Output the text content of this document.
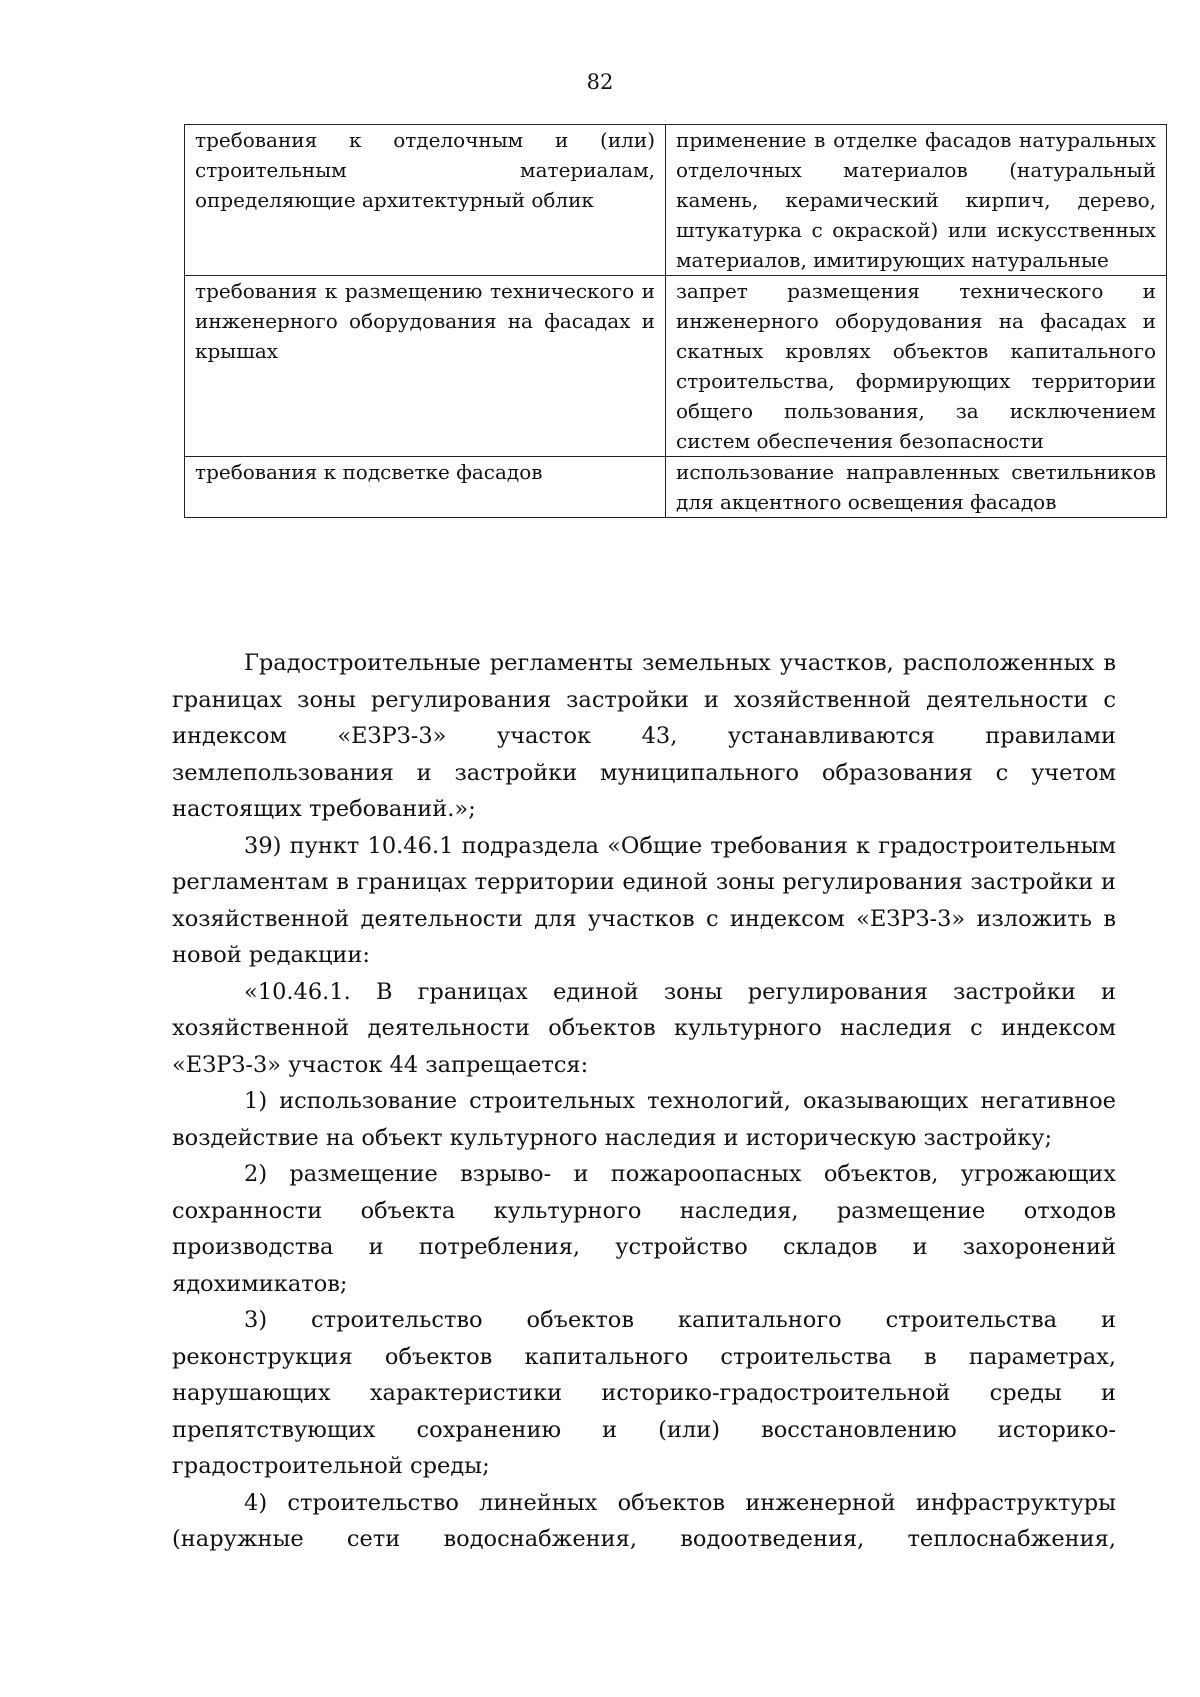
82
требования к отделочным и (или) строительным материалам, определяющие архитектурный облик	применение в отделке фасадов натуральных отделочных материалов (натуральный камень, керамический кирпич, дерево, штукатурка с окраской) или искусственных материалов, имитирующих натуральные
требования к размещению технического и инженерного оборудования на фасадах и крышах	запрет размещения технического и инженерного оборудования на фасадах и скатных кровлях объектов капитального строительства, формирующих территории общего пользования, за исключением систем обеспечения безопасности
требования к подсветке фасадов	использование направленных светильников для акцентного освещения фасадов

Градостроительные регламенты земельных участков, расположенных в границах зоны регулирования застройки и хозяйственной деятельности с индексом «ЕЗРЗ-3» участок 43, устанавливаются правилами землепользования и застройки муниципального образования с учетом настоящих требований.»;

39) пункт 10.46.1 подраздела «Общие требования к градостроительным регламентам в границах территории единой зоны регулирования застройки и хозяйственной деятельности для участков с индексом «ЕЗРЗ-3» изложить в новой редакции:

«10.46.1. В границах единой зоны регулирования застройки и хозяйственной деятельности объектов культурного наследия с индексом «ЕЗРЗ-3» участок 44 запрещается:

1) использование строительных технологий, оказывающих негативное воздействие на объект культурного наследия и историческую застройку;

2) размещение взрыво- и пожароопасных объектов, угрожающих сохранности объекта культурного наследия, размещение отходов производства и потребления, устройство складов и захоронений ядохимикатов;

3) строительство объектов капитального строительства и реконструкция объектов капитального строительства в параметрах, нарушающих характеристики историко-градостроительной среды и препятствующих сохранению и (или) восстановлению историко-градостроительной среды;

4) строительство линейных объектов инженерной инфраструктуры (наружные сети водоснабжения, водоотведения, теплоснабжения,
